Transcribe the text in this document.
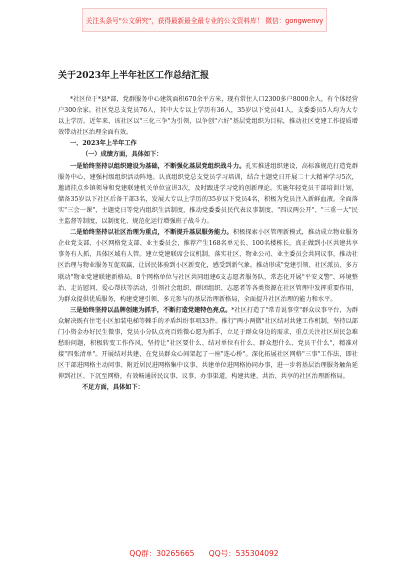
关注头条号"公文研究"，获得最新最全最专业的公文资料库！ 微信：gongwenvy
关于2023年上半年社区工作总结汇报

*社区位于*县*部，党群服务中心建筑面积670余平方米，现有常住人口2300多户8000余人，有个体经营户300余家。社区党总支党员76人，其中大专以上学历有36人，35岁以下党员41人，支委委员5人均为大专以上学历。近年来，该社区以"三化三争"为引领，以争创"六好"基层党组织为目标，推动社区党建工作提质增效带动社区治理全面有效。

一、2023年上半年工作

（一）成绩方面，具体如下：

一是始终坚持以组织建设为基础，不断强化基层党组织战斗力。孔实推进组织建设，高标准规范打造党群服务中心，建强村级组织活动阵地。认真组织党总支党员学习培训，结合主题党日开展二十大精神学习5次，邀请挂点乡镇领导和党建联建机关单位宣讲3次，及时跟进学习党的创新理论。实施年轻党员干部培训计划，储备35岁以下社区后备干部3名，发展大专以上学历的35岁以下党员4名，积极为党员注入新鲜血液。全面落实"三会一课"，主题党日等党内组织生活制度，推动党委委员民代表议事制度、"四议两公开"、"三重一大"民主监督等制度，以制度化、规范化运行增强班子战斗力。

二是始终坚持以社区治理为重点，不断提升基层服务能力。积极探索小区管理新模式，推动成立物业服务企业党支部、小区网格党支部、业主委员会，推荐产生168名单元长、100名楼栋长，真正做到小区共建共享事务有人抓，具体区域有人管。建立党建联席会议机制，落实社区、物业公司、业主委员会共同议事，推动社区治理与物业服务互促双赢，让居民体验到小区新变化，感受到新气象。推动形成"党建引领、社区派员、多方联动"物业党建联建新格局。8个网格单位与社区共同组建6支志愿者服务队，常态化开展"平安义警"、环境整治、走访慰问、爱心帮扶等活动，引领社会组织、群团组织、志愿者等各类资源在社区管理中发挥重要作用，为群众提供优质服务，构建党建引领、多元参与的基层治理新格局，全面提升社区治理的能力和水平。

三是始终坚持以品牌创建为抓手，不断打造党建特色亮点。*社区打造了"常青说事堂"群众议事平台，为群众解决既有住宅小区加装电梯等棘手的矛盾纠纷事项33件。推行"两小两微"社区结对共建工作机制，坚持以部门小资金办好民生微事，党员小分队点亮百姓微心愿为抓手，立足于群众身边的需求，重点关注社区居民急难愁盼问题，积极转变工作作风，坚持让"社区要什么、结对单位有什么、群众想什么、党员干什么"，精准对接"四张清单"。开展结对共建，在党员群众心间架起了一座"连心桥"。深化拓展社区网格"三事"工作法，即社区干部进网格主动问事、附近居民进网格集中议事、共建单位进网格协同办事，进一步将基层治理服务触角延伸到社区、下沉至网格，有效畅通居民议事、议事、办事渠道，构建共建、共治、共享的社区治理新格局。

不足方面，具体如下：

QQ群：30265665 QQ号：535304092
